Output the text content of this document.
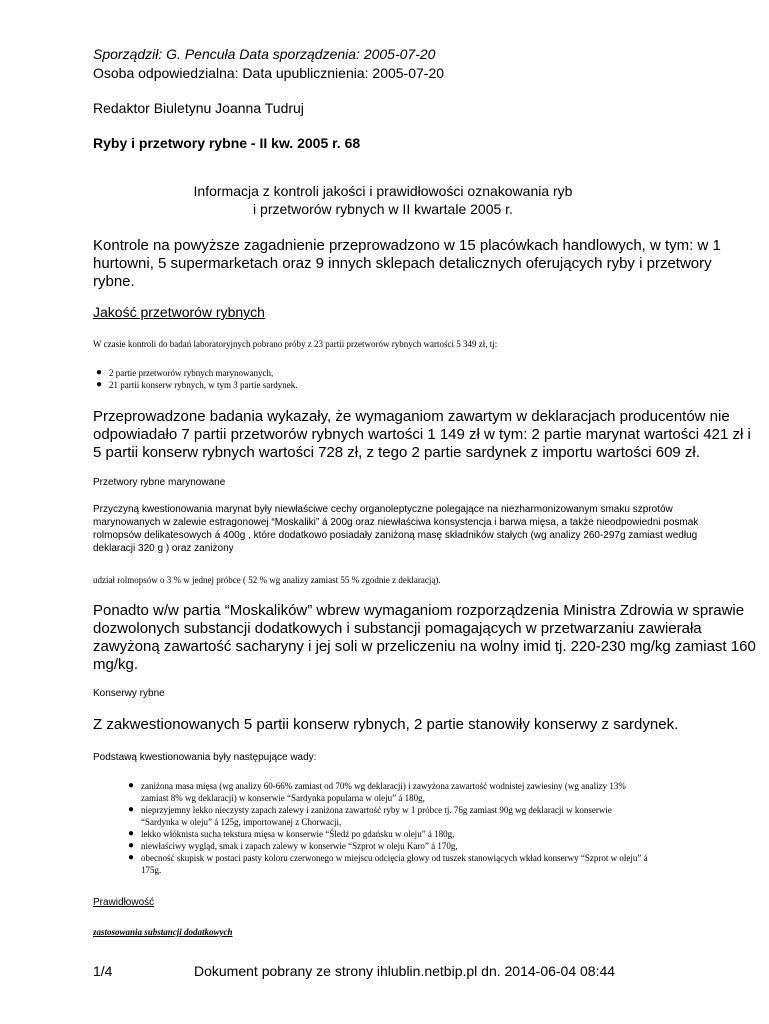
Sporządził: G. Pencuła Data sporządzenia: 2005-07-20
Osoba odpowiedzialna: Data upublicznienia: 2005-07-20
Redaktor Biuletynu Joanna Tudruj
Ryby i przetwory rybne - II kw. 2005 r. 68
Informacja z kontroli jakości i prawidłowości oznakowania ryb
i przetworów rybnych w II kwartale 2005 r.
Kontrole na powyższe zagadnienie przeprowadzono w 15 placówkach handlowych, w tym: w 1
hurtowni, 5 supermarketach oraz 9 innych sklepach detalicznych oferujących ryby i przetwory
rybne.
Jakość przetworów rybnych
W czasie kontroli do badań laboratoryjnych pobrano próby z 23 partii przetworów rybnych wartości 5 349 zł, tj:
● 2 partie przetworów rybnych marynowanych,
● 21 partii konserw rybnych, w tym 3 partie sardynek.
Przeprowadzone badania wykazały, że wymaganiom zawartym w deklaracjach producentów nie
odpowiadało 7 partii przetworów rybnych wartości 1 149 zł w tym: 2 partie marynat wartości 421 zł i
5 partii konserw rybnych wartości 728 zł, z tego 2 partie sardynek z importu wartości 609 zł.
Przetwory rybne marynowane
Przyczyną kwestionowania marynat były niewłaściwe cechy organoleptyczne polegające na niezharmonizowanym smaku szprotów
marynowanych w zalewie estragonowej “Moskaliki” á 200g oraz niewłaściwa konsystencja i barwa mięsa, a także nieodpowiedni posmak
rolmopsów delikatesowych á 400g , które dodatkowo posiadały zaniżoną masę składników stałych (wg analizy 260-297g zamiast według
deklaracji 320 g ) oraz zaniżony
udział rolmopsów o 3 % w jednej próbce ( 52 % wg analizy zamiast 55 % zgodnie z deklaracją).
Ponadto w/w partia “Moskalików” wbrew wymaganiom rozporządzenia Ministra Zdrowia w sprawie
dozwolonych substancji dodatkowych i substancji pomagających w przetwarzaniu zawierała
zawyżoną zawartość sacharyny i jej soli w przeliczeniu na wolny imid tj. 220-230 mg/kg zamiast 160
mg/kg.
Konserwy rybne
Z zakwestionowanych 5 partii konserw rybnych, 2 partie stanowiły konserwy z sardynek.
Podstawą kwestionowania były następujące wady:
● zaniżona masa mięsa (wg analizy 60-66% zamiast od 70% wg deklaracji) i zawyżona zawartość wodnistej zawiesiny (wg analizy 13%
zamiast 8% wg deklaracji) w konserwie “Sardynka popularna w oleju” á 180g,
● nieprzyjemny lekko nieczysty zapach zalewy i zaniżona zawartość ryby w 1 próbce tj. 76g zamiast 90g wg deklaracji w konserwie
“Sardynka w oleju” á 125g, importowanej z Chorwacji,
● lekko włóknista sucha tekstura mięsa w konserwie “Śledź po gdańsku w oleju” á 180g,
● niewłaściwy wygląd, smak i zapach zalewy w konserwie “Szprot w oleju Karo” á 170g,
● obecność skupisk w postaci pasty koloru czerwonego w miejscu odcięcia głowy od tuszek stanowiących wkład konserwy “Szprot w oleju” á
175g.
Prawidłowość
zastosowania substancji dodatkowych
1/4	Dokument pobrany ze strony ihlublin.netbip.pl dn. 2014-06-04 08:44
